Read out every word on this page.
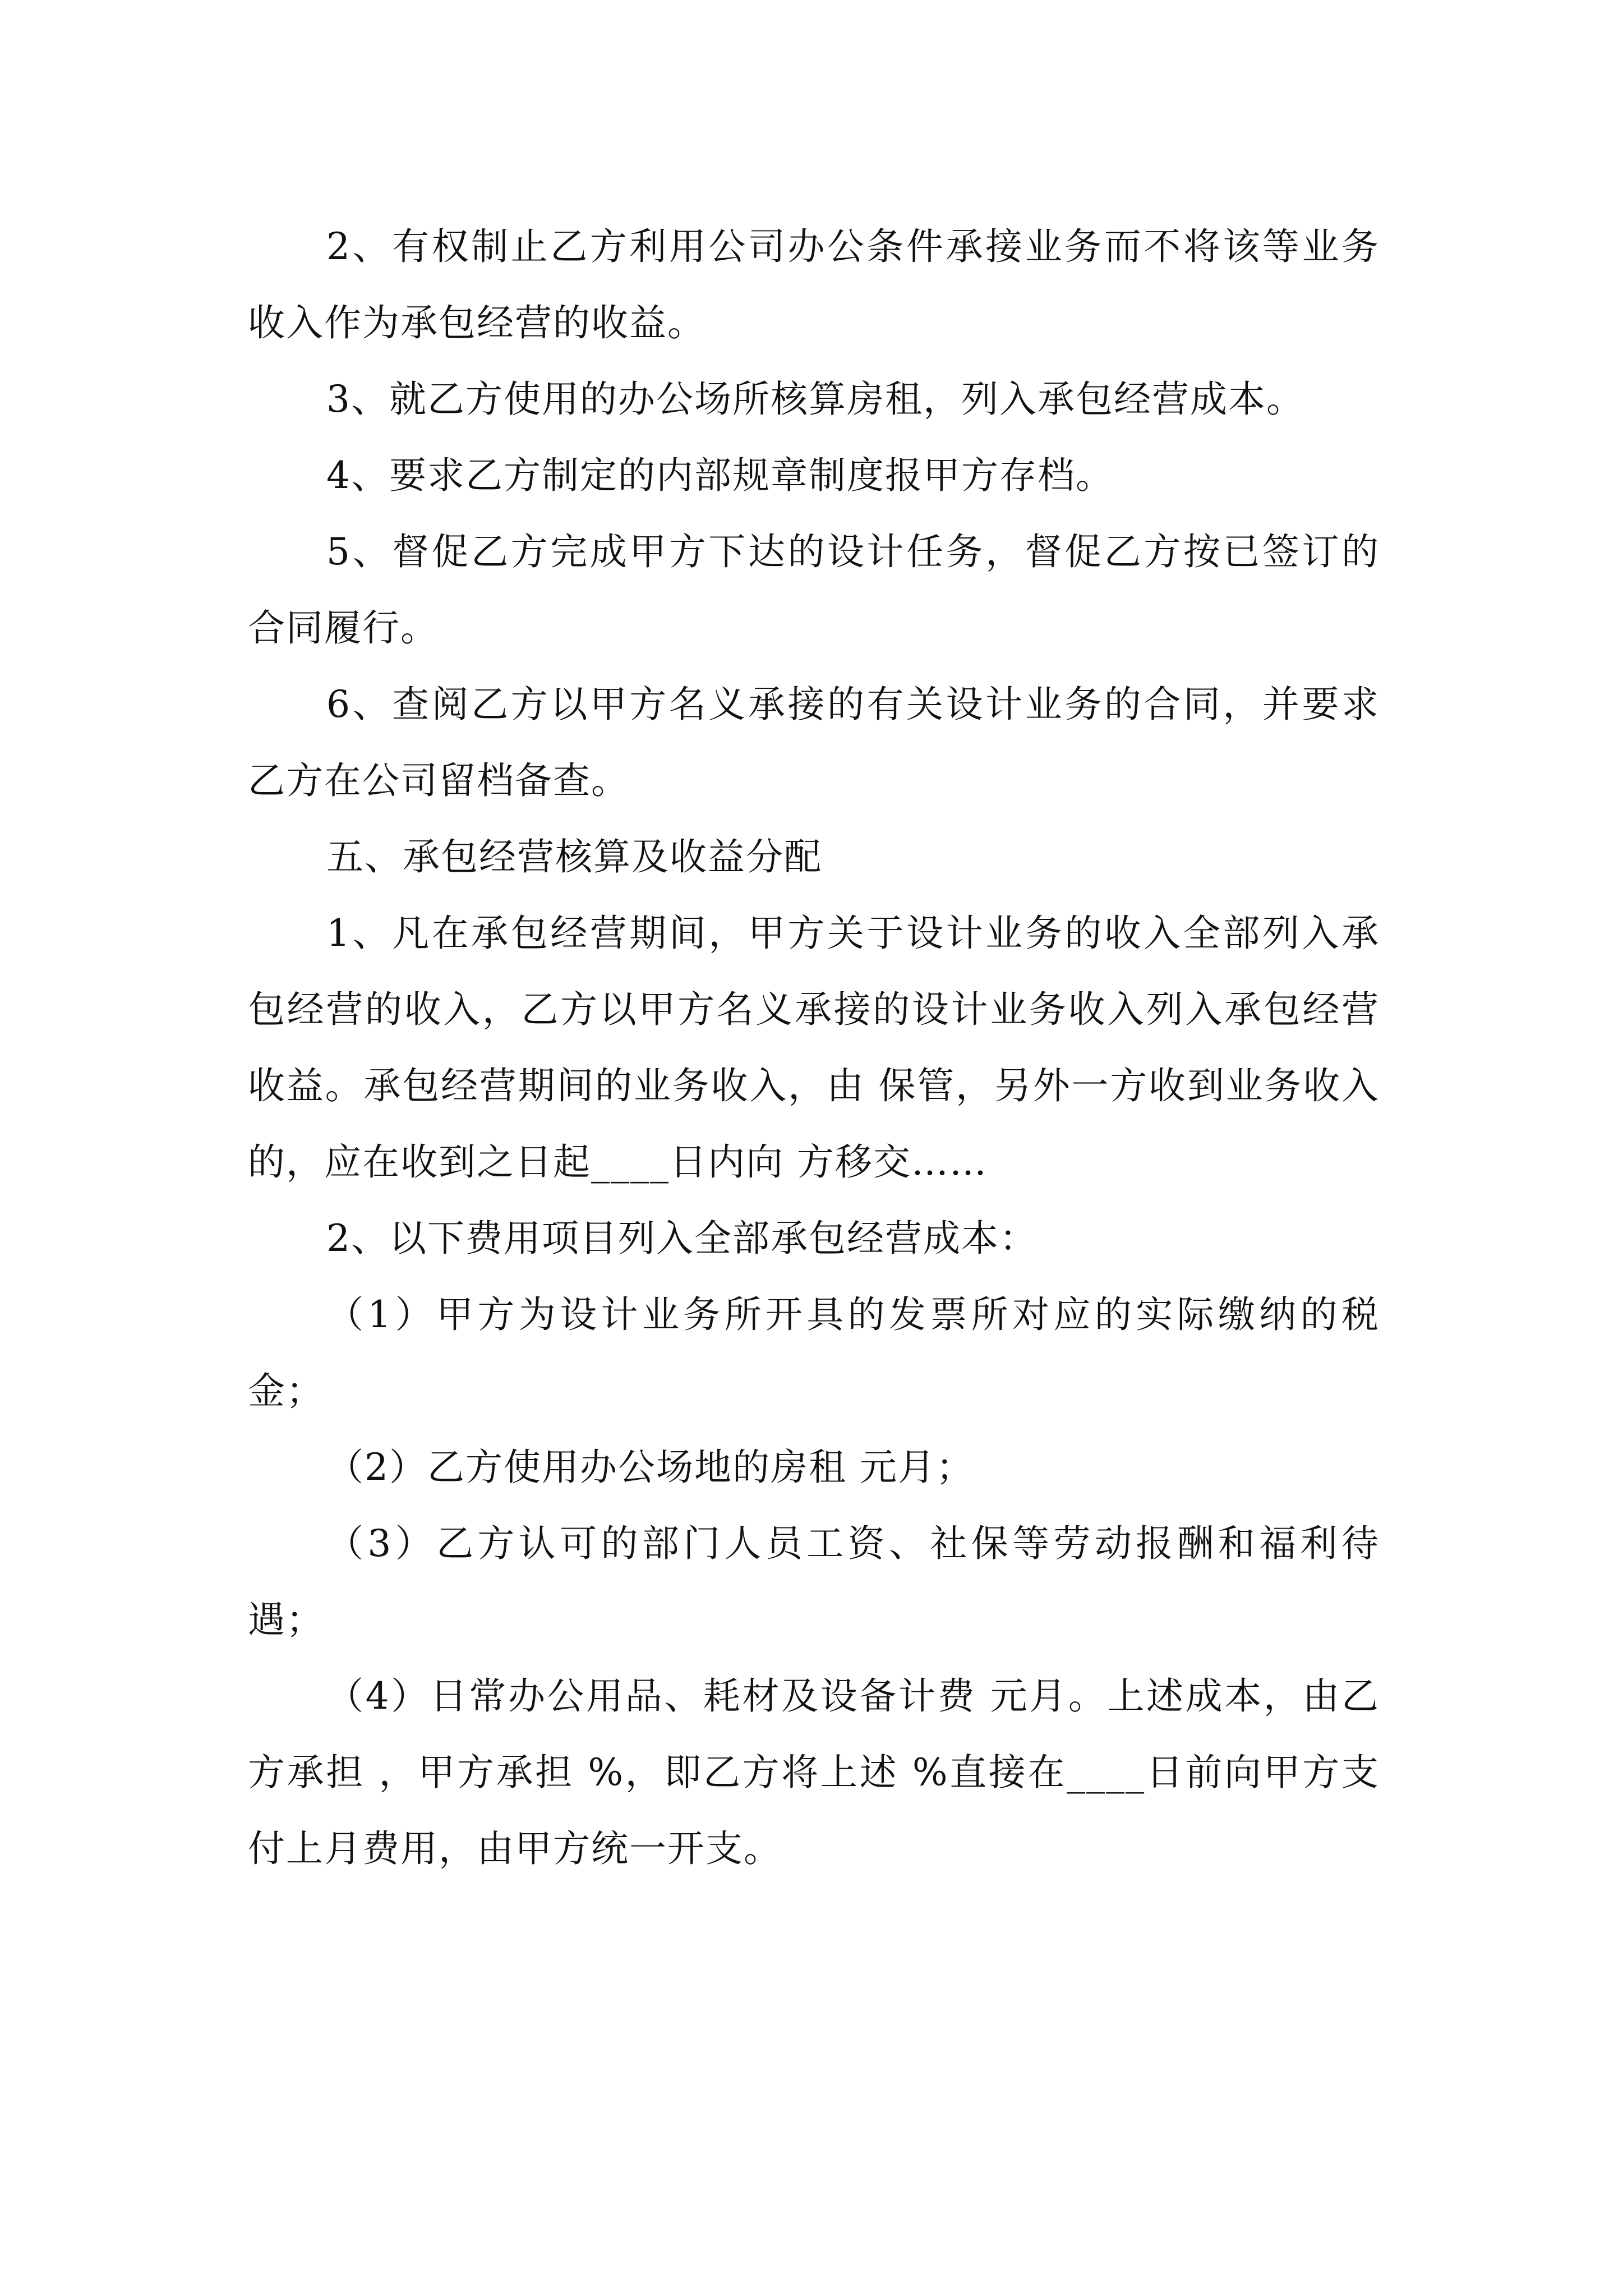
2、有权制止乙方利用公司办公条件承接业务而不将该等业务收入作为承包经营的收益。

3、就乙方使用的办公场所核算房租，列入承包经营成本。

4、要求乙方制定的内部规章制度报甲方存档。

5、督促乙方完成甲方下达的设计任务，督促乙方按已签订的合同履行。

6、查阅乙方以甲方名义承接的有关设计业务的合同，并要求乙方在公司留档备查。

五、承包经营核算及收益分配

1、凡在承包经营期间，甲方关于设计业务的收入全部列入承包经营的收入，乙方以甲方名义承接的设计业务收入列入承包经营收益。承包经营期间的业务收入，由 保管，另外一方收到业务收入的，应在收到之日起____日内向 方移交……

2、以下费用项目列入全部承包经营成本：

（1）甲方为设计业务所开具的发票所对应的实际缴纳的税金；

（2）乙方使用办公场地的房租 元月；

（3）乙方认可的部门人员工资、社保等劳动报酬和福利待遇；

（4）日常办公用品、耗材及设备计费 元月。上述成本，由乙方承担 ，甲方承担 %，即乙方将上述 %直接在____日前向甲方支付上月费用，由甲方统一开支。
